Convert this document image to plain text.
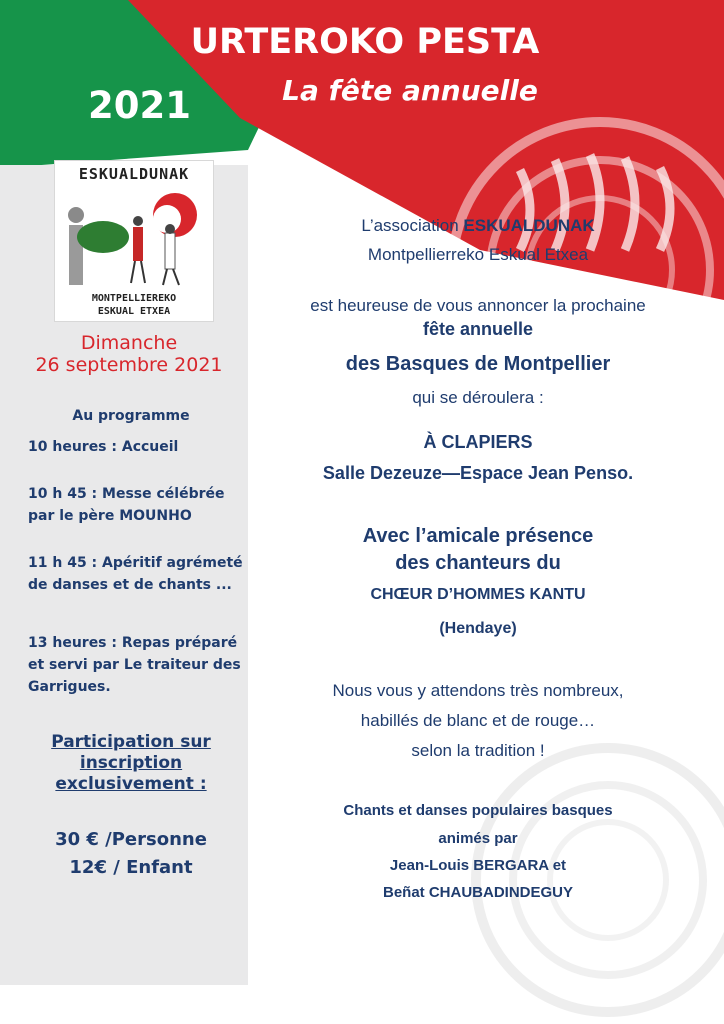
URTEROKO PESTA
La fête annuelle
2021
ESKUALDUNAK
MONTPELLIEREKO
ESKUAL ETXEA
Dimanche
26 septembre 2021
Au programme
10 heures : Accueil
10 h 45 : Messe célébrée par le père MOUNHO
11 h 45 : Apéritif agrémeté de danses et de chants ...
13 heures : Repas préparé et servi par Le traiteur des Garrigues.
Participation sur
inscription
exclusivement :
30 € /Personne
12€ / Enfant
L’association ESKUALDUNAK
Montpellierreko Eskual Etxea
est heureuse de vous annoncer la prochaine
fête annuelle
des Basques de Montpellier
qui se déroulera :
À CLAPIERS
Salle Dezeuze—Espace Jean Penso.
Avec l’amicale présence
des chanteurs du
CHŒUR D’HOMMES KANTU
(Hendaye)
Nous vous y attendons très nombreux,
habillés de blanc et de rouge…
selon la tradition !
Chants et danses populaires basques
animés par
Jean-Louis BERGARA et
Beñat CHAUBADINDEGUY
